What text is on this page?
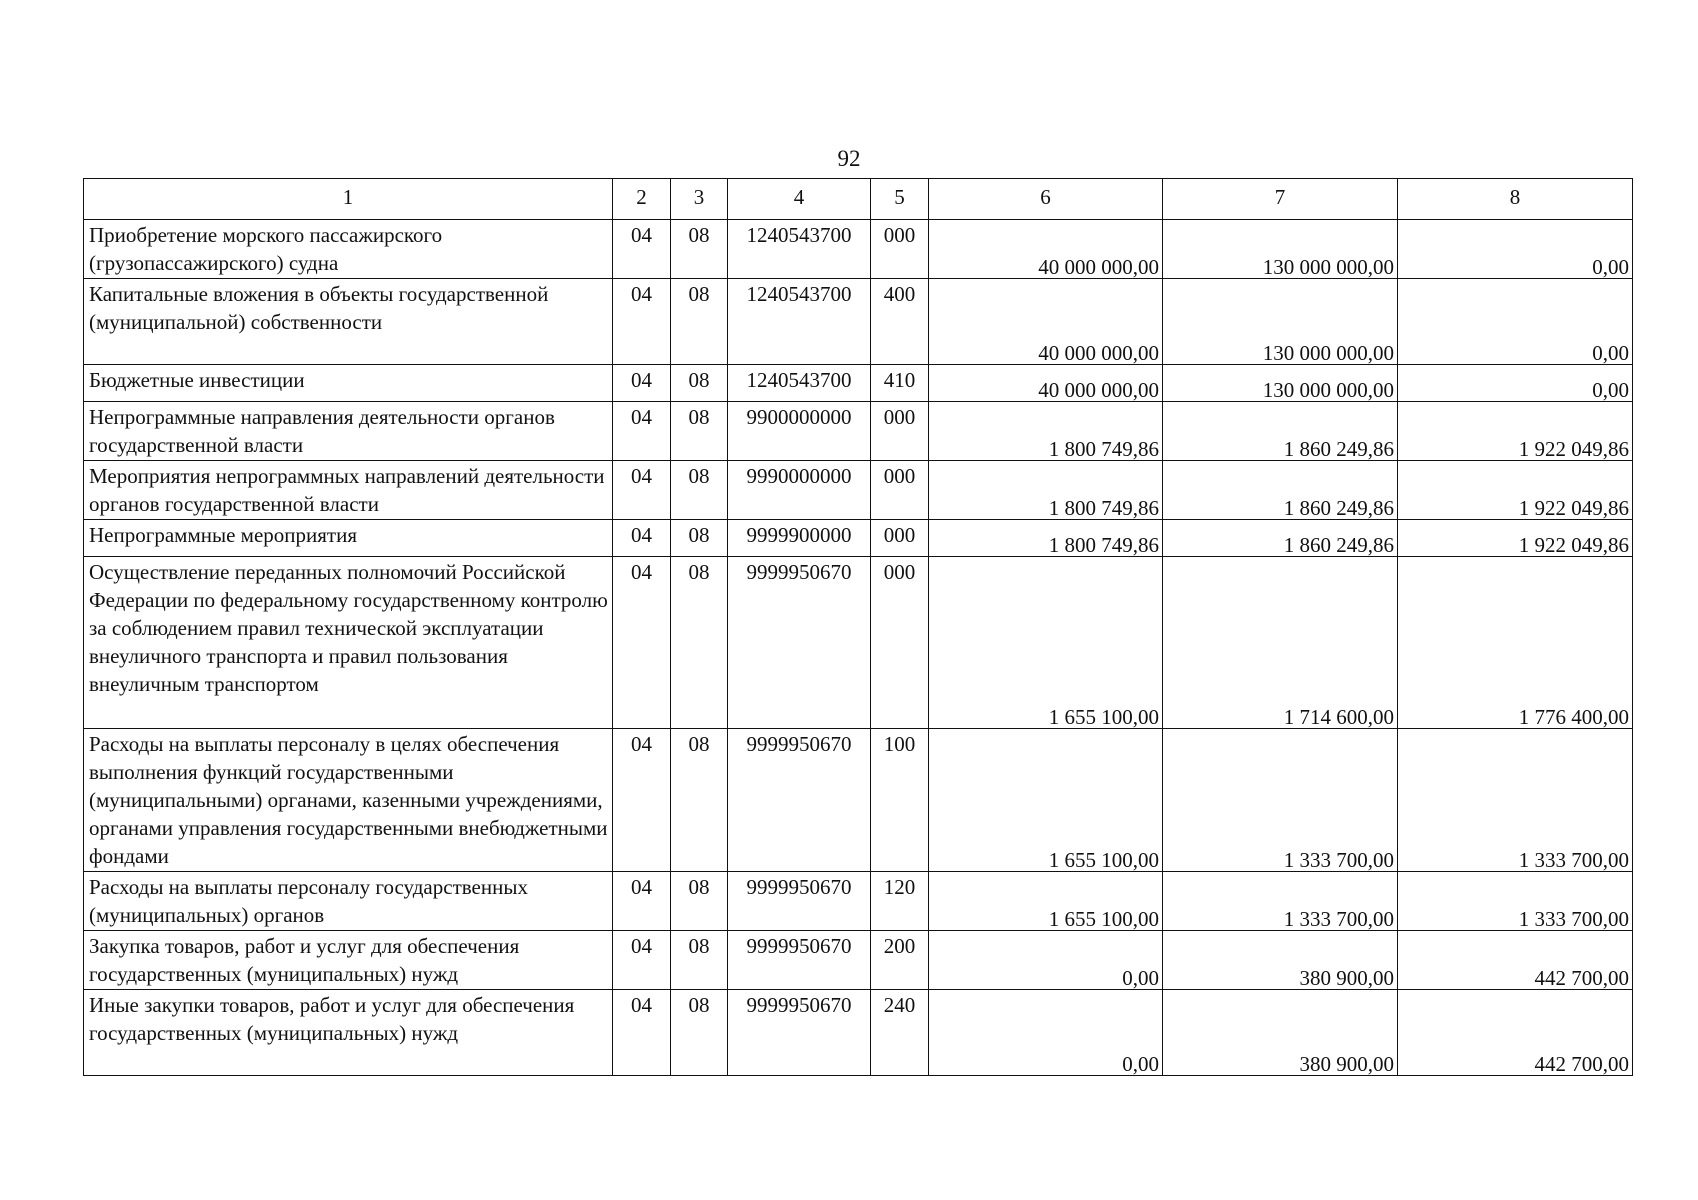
92
1	2	3	4	5	6	7	8
Приобретение морского пассажирского (грузопассажирского) судна	04	08	1240543700	000	40 000 000,00	130 000 000,00	0,00
Капитальные вложения в объекты государственной (муниципальной) собственности	04	08	1240543700	400	40 000 000,00	130 000 000,00	0,00
Бюджетные инвестиции	04	08	1240543700	410	40 000 000,00	130 000 000,00	0,00
Непрограммные направления деятельности органов государственной власти	04	08	9900000000	000	1 800 749,86	1 860 249,86	1 922 049,86
Мероприятия непрограммных направлений деятельности органов государственной власти	04	08	9990000000	000	1 800 749,86	1 860 249,86	1 922 049,86
Непрограммные мероприятия	04	08	9999900000	000	1 800 749,86	1 860 249,86	1 922 049,86
Осуществление переданных полномочий Российской Федерации по федеральному государственному контролю за соблюдением правил технической эксплуатации внеуличного транспорта и правил пользования внеуличным транспортом	04	08	9999950670	000	1 655 100,00	1 714 600,00	1 776 400,00
Расходы на выплаты персоналу в целях обеспечения выполнения функций государственными (муниципальными) органами, казенными учреждениями, органами управления государственными внебюджетными фондами	04	08	9999950670	100	1 655 100,00	1 333 700,00	1 333 700,00
Расходы на выплаты персоналу государственных (муниципальных) органов	04	08	9999950670	120	1 655 100,00	1 333 700,00	1 333 700,00
Закупка товаров, работ и услуг для обеспечения государственных (муниципальных) нужд	04	08	9999950670	200	0,00	380 900,00	442 700,00
Иные закупки товаров, работ и услуг для обеспечения государственных (муниципальных) нужд	04	08	9999950670	240	0,00	380 900,00	442 700,00
